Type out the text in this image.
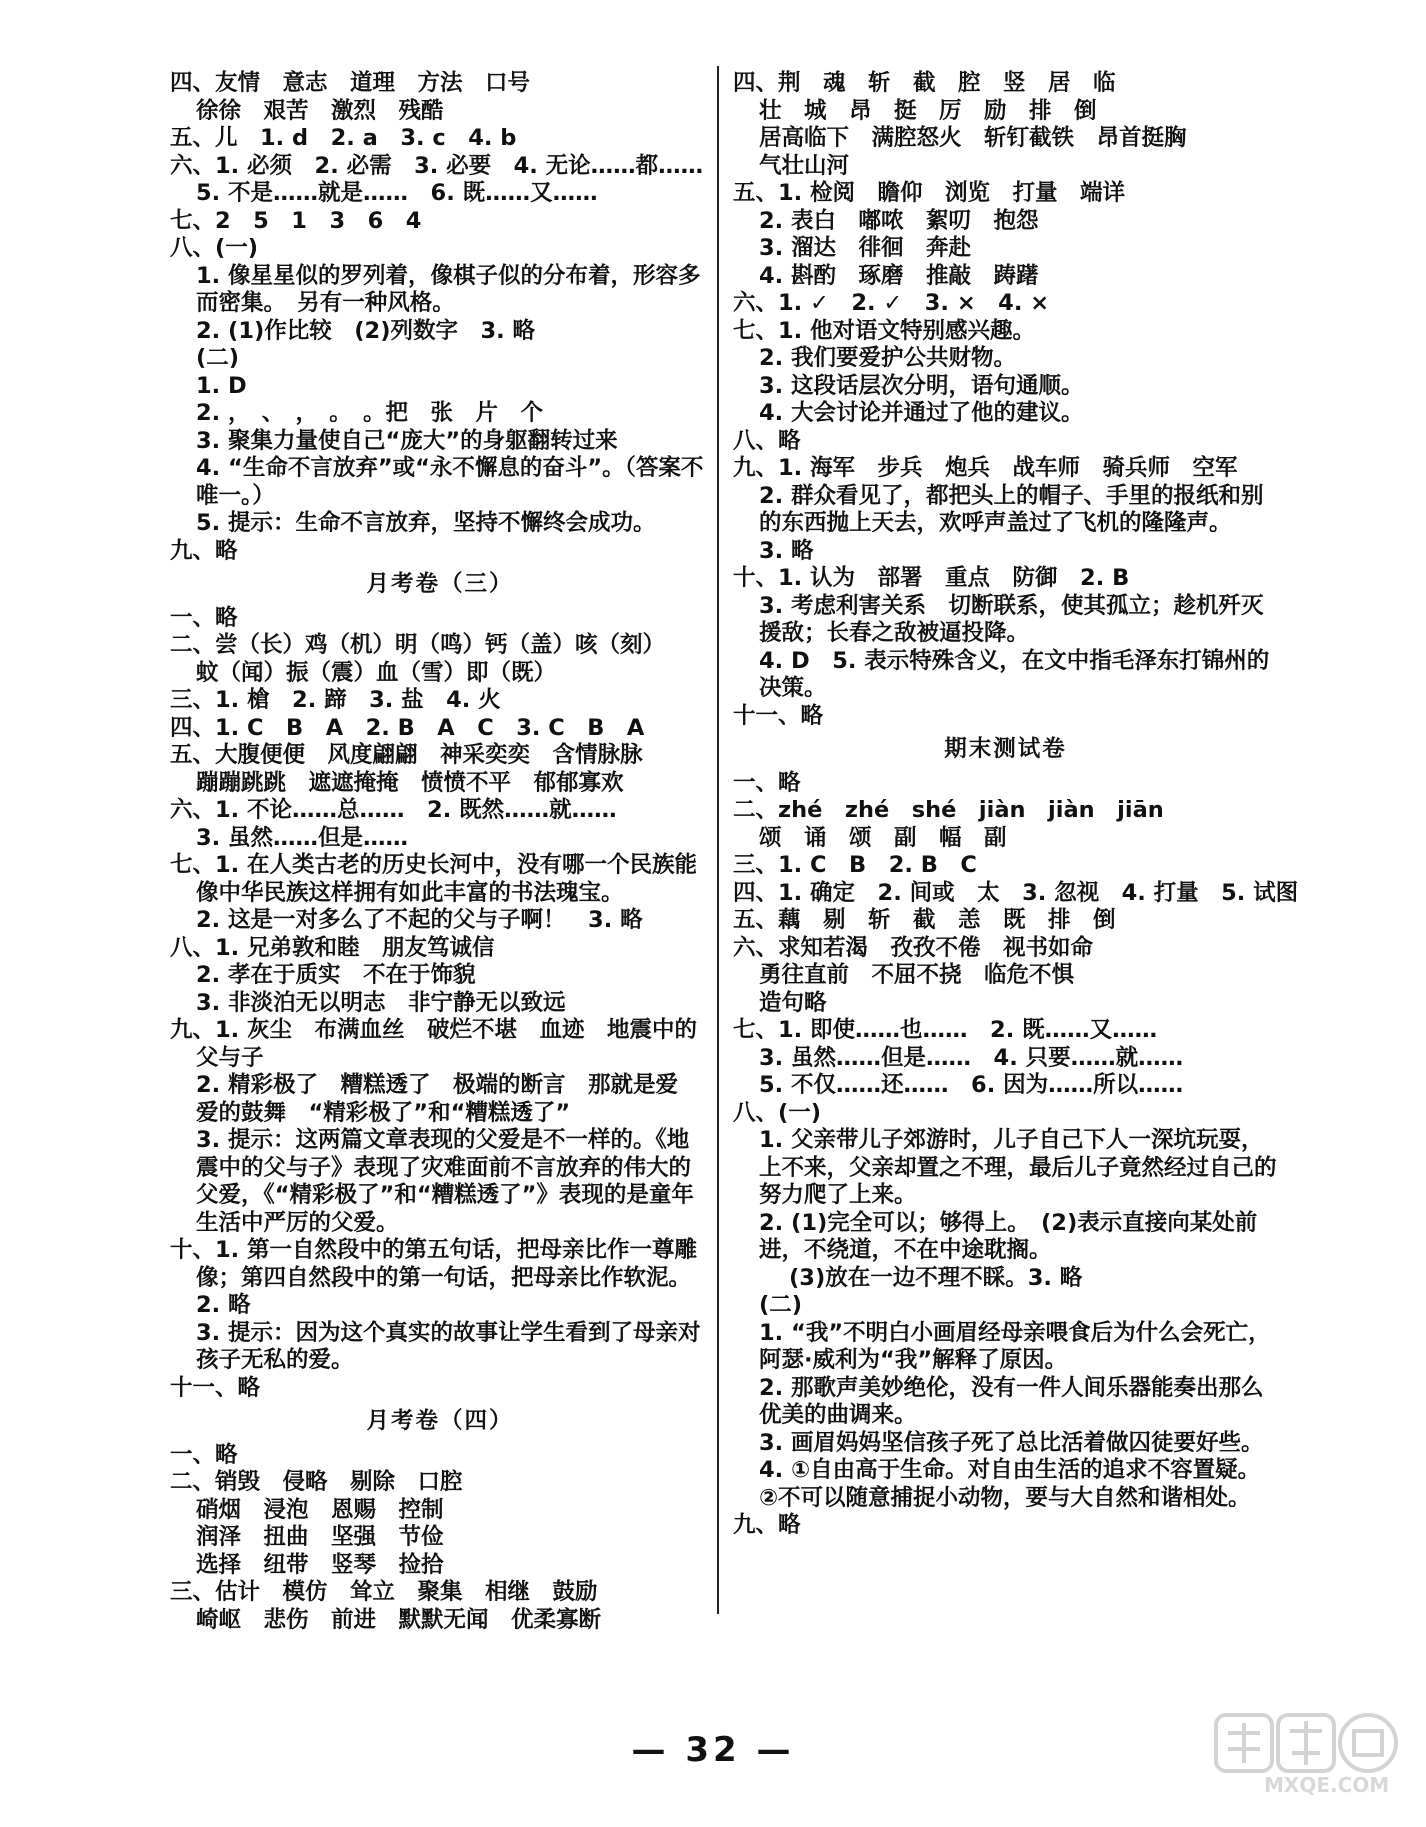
四、友情　意志　道理　方法　口号
徐徐　艰苦　激烈　残酷
五、儿　1. d　2. a　3. c　4. b
六、1. 必须　2. 必需　3. 必要　4. 无论……都……
5. 不是……就是……　6. 既……又……
七、2　5　1　3　6　4
八、(一)
1. 像星星似的罗列着，像棋子似的分布着，形容多而密集。　另有一种风格。
2. (1)作比较　(2)列数字　3. 略
(二)
1. D
2. ，　、　，　。　。把　张　片　个
3. 聚集力量使自己“庞大”的身躯翻转过来
4. “生命不言放弃”或“永不懈息的奋斗”。（答案不唯一。）
5. 提示：生命不言放弃，坚持不懈终会成功。
九、略
月考卷（三）
一、略
二、尝（长）鸡（机）明（鸣）钙（盖）咳（刻）
蚊（闻）振（震）血（雪）即（既）
三、1. 槍　2. 蹄　3. 盐　4. 火
四、1. C　B　A　2. B　A　C　3. C　B　A
五、大腹便便　风度翩翩　神采奕奕　含情脉脉
蹦蹦跳跳　遮遮掩掩　愤愤不平　郁郁寡欢
六、1. 不论……总……　2. 既然……就……
3. 虽然……但是……
七、1. 在人类古老的历史长河中，没有哪一个民族能像中华民族这样拥有如此丰富的书法瑰宝。
2. 这是一对多么了不起的父与子啊！　3. 略
八、1. 兄弟敦和睦　朋友笃诚信
2. 孝在于质实　不在于饰貌
3. 非淡泊无以明志　非宁静无以致远
九、1. 灰尘　布满血丝　破烂不堪　血迹　地震中的父与子
2. 精彩极了　糟糕透了　极端的断言　那就是爱　爱的鼓舞　“精彩极了”和“糟糕透了”
3. 提示：这两篇文章表现的父爱是不一样的。《地震中的父与子》表现了灾难面前不言放弃的伟大的父爱，《“精彩极了”和“糟糕透了”》表现的是童年生活中严厉的父爱。
十、1. 第一自然段中的第五句话，把母亲比作一尊雕像；第四自然段中的第一句话，把母亲比作软泥。　2. 略
3. 提示：因为这个真实的故事让学生看到了母亲对孩子无私的爱。
十一、略
月考卷（四）
一、略
二、销毁　侵略　剔除　口腔
硝烟　浸泡　恩赐　控制
润泽　扭曲　坚强　节俭
选择　纽带　竖琴　捡拾
三、估计　模仿　耸立　聚集　相继　鼓励
崎岖　悲伤　前进　默默无闻　优柔寡断
四、荆　魂　斩　截　腔　竖　居　临
壮　城　昂　挺　厉　励　排　倒
居高临下　满腔怒火　斩钉截铁　昂首挺胸
气壮山河
五、1. 检阅　瞻仰　浏览　打量　端详
2. 表白　嘟哝　絮叨　抱怨
3. 溜达　徘徊　奔赴
4. 斟酌　琢磨　推敲　踌躇
六、1. ✓　2. ✓　3. ×　4. ×
七、1. 他对语文特别感兴趣。
2. 我们要爱护公共财物。
3. 这段话层次分明，语句通顺。
4. 大会讨论并通过了他的建议。
八、略
九、1. 海军　步兵　炮兵　战车师　骑兵师　空军
2. 群众看见了，都把头上的帽子、手里的报纸和别的东西抛上天去，欢呼声盖过了飞机的隆隆声。
3. 略
十、1. 认为　部署　重点　防御　2. B
3. 考虑利害关系　切断联系，使其孤立；趁机歼灭援敌；长春之敌被逼投降。
4. D　5. 表示特殊含义，在文中指毛泽东打锦州的决策。
十一、略
期末测试卷
一、略
二、zhé　zhé　shé　jiàn　jiàn　jiān
颂　诵　颂　副　幅　副
三、1. C　B　2. B　C
四、1. 确定　2. 间或　太　3. 忽视　4. 打量　5. 试图
五、藕　剔　斩　截　恙　既　排　倒
六、求知若渴　孜孜不倦　视书如命
勇往直前　不屈不挠　临危不惧
造句略
七、1. 即使……也……　2. 既……又……
3. 虽然……但是……　4. 只要……就……
5. 不仅……还……　6. 因为……所以……
八、(一)
1. 父亲带儿子郊游时，儿子自己下人一深坑玩耍，上不来，父亲却置之不理，最后儿子竟然经过自己的努力爬了上来。
2. (1)完全可以；够得上。　(2)表示直接向某处前进，不绕道，不在中途耽搁。
(3)放在一边不理不睬。3. 略
(二)
1. “我”不明白小画眉经母亲喂食后为什么会死亡，阿瑟·威利为“我”解释了原因。
2. 那歌声美妙绝伦，没有一件人间乐器能奏出那么优美的曲调来。
3. 画眉妈妈坚信孩子死了总比活着做囚徒要好些。
4. ①自由高于生命。对自由生活的追求不容置疑。②不可以随意捕捉小动物，要与大自然和谐相处。
九、略
— 32 —
MXQE.COM
